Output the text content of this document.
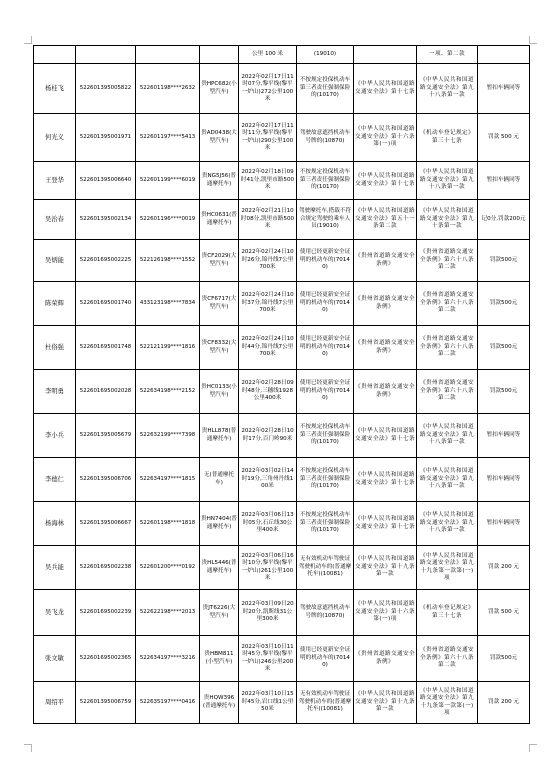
				公里 100 米	(19010)		一项、第二款	
杨桂飞	522601395005822	522601198****2632	贵HPC682(小型汽车)	2022年02月17日11时07分,黎平线(黎平一炉山)272公里100米	不按规定投保机动车第三者责任强制保险的(10170)	《中华人民共和国道路交通安全法》第十七条	《中华人民共和国道路交通安全法》第九十八条第一款	暂扣车辆同等
何光义	522601395001971	522601197****5413	贵AD0438(大型汽车)	2022年02月17日11时11分,黎平线(黎平一炉山)290公里100米	驾驶故意遮挡机动车号牌的(10870)	《中华人民共和国道路交通安全法》第十六条第(一)项	《机动车登记规定》第三十七条	罚款 500 元
王登华	522601395006640	522601199****6019	贵NG5J56(普通摩托车)	2022年02月18日09时41分,凯里市路500米	不按规定投保机动车第三者责任强制保险的(10170)	《中华人民共和国道路交通安全法》第十七条	《中华人民共和国道路交通安全法》第九十八条第一款	暂扣车辆同等
吴治春	522601395002134	522601196****0019	贵HC0631(普通摩托车)	2022年02月21日10时08分,凯里市路500米	驾驶摩托车,搭载不符合规定驾驶的乘车人员(19010)	《中华人民共和国道路交通安全法》第五十一条第二款	《中华人民共和国道路交通安全法》第九十条第一款	记0分,罚款200元
吴炳能	522601695002225	522126198****1552	贵CF2029(大型汽车)	2022年02月24日10时26分,锦丹线7公里700米	使用已经更新安全证明的机动车的(70140)	《贵州省道路交通安全条例》	《贵州省道路交通安全条例》第六十八条第二款	罚款500元
陈荣辉	522601695001740	433123198****7834	贵CF6717(大型汽车)	2022年02月24日10时37分,锦丹线7公里700米	使用已经更新安全证明的机动车的(70140)	《贵州省道路交通安全条例》	《贵州省道路交通安全条例》第六十八条第二款	罚款500元
杜俗强	522601695001748	522121199****1816	贵CF8332(大型汽车)	2022年02月24日10时44分,锦丹线7公里700米	使用已经更新安全证明的机动车的(70140)	《贵州省道路交通安全条例》	《贵州省道路交通安全条例》第六十八条第二款	罚款500元
李明勇	522601695002028	522634198****2152	贵HC0133(小型汽车)	2022年02月28日09时48分,三穗线1928公里400米	使用已经更新安全证明的机动车的(70140)	《贵州省道路交通安全条例》	《贵州省道路交通安全条例》第六十八条第二款	罚款500元
李小兵	522601395005679	522632199****7398	贵HLL878(普通摩托车)	2022年02月28日10时17分,百门岭90米	不按规定投保机动车第三者责任强制保险的(10170)	《中华人民共和国道路交通安全法》第十七条	《中华人民共和国道路交通安全法》第九十八条第一款	暂扣车辆同等
李德仁	522601395006706	522634197****1815	无(普通摩托车)	2022年03月02日14时19分,三角州丹线100米	不按规定投保机动车第三者责任强制保险的(10170)	《中华人民共和国道路交通安全法》第十七条	《中华人民共和国道路交通安全法》第九十八条第一款	暂扣车辆同等
杨海林	522601395006667	522601198****1818	贵HN7404(普通摩托车)	2022年03月06日13时05分,石丘线30公里400米	不按规定投保机动车第三者责任强制保险的(10170)	《中华人民共和国道路交通安全法》第十七条	《中华人民共和国道路交通安全法》第九十八条第一款	暂扣车辆同等
吴兵能	522601695002238	522601200****0192	贵HL5446(普通摩托车)	2022年03月06日16时10分,黎平线(黎平一炉山)261公里100米	无有效机动车驾驶证驾驶机动车的(普通摩托车)(10081)	《中华人民共和国道路交通安全法》第十九条第一款	《中华人民共和国道路交通安全法》第九十九条第一款第(一)项	罚款 200 元
吴飞龙	522601695002239	522622198****2013	贵JT6226(大型汽车)	2022年03月09日20时20分,凯斯线31公里300米	驾驶故意遮挡机动车号牌的(10870)	《中华人民共和国道路交通安全法》第十六条第(一)项	《机动车登记规定》第三十七条	罚款 500 元
张文敏	522601695002365	522634197****3216	贵HBM811(小型汽车)	2022年03月10日11时45分,黎平线(黎平一炉山)246公里200米	使用已经更新安全证明的机动车的(70140)	《贵州省道路交通安全条例》	《贵州省道路交通安全条例》第六十八条第二款	罚款500元
周绍平	522601395006759	522635197****0416	贵HQW396(普通摩托车)	2022年03月10日15时45分,岩口线1公里50米	无有效机动车驾驶证驾驶机动车的(普通摩托车)(10081)	《中华人民共和国道路交通安全法》第十九条第一款	《中华人民共和国道路交通安全法》第九十九条第一款第(一)项	罚款 200 元
